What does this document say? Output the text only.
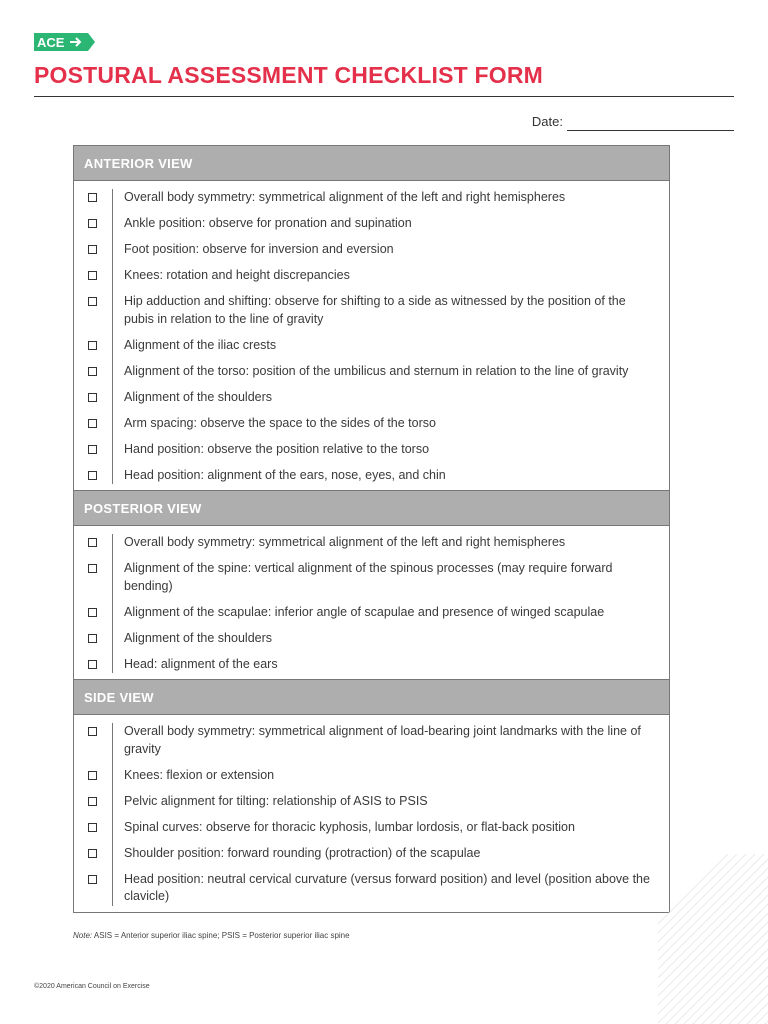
ACE
POSTURAL ASSESSMENT CHECKLIST FORM
Date:
ANTERIOR VIEW
Overall body symmetry: symmetrical alignment of the left and right hemispheres
Ankle position: observe for pronation and supination
Foot position: observe for inversion and eversion
Knees: rotation and height discrepancies
Hip adduction and shifting: observe for shifting to a side as witnessed by the position of the pubis in relation to the line of gravity
Alignment of the iliac crests
Alignment of the torso: position of the umbilicus and sternum in relation to the line of gravity
Alignment of the shoulders
Arm spacing: observe the space to the sides of the torso
Hand position: observe the position relative to the torso
Head position: alignment of the ears, nose, eyes, and chin
POSTERIOR VIEW
Overall body symmetry: symmetrical alignment of the left and right hemispheres
Alignment of the spine: vertical alignment of the spinous processes (may require forward bending)
Alignment of the scapulae: inferior angle of scapulae and presence of winged scapulae
Alignment of the shoulders
Head: alignment of the ears
SIDE VIEW
Overall body symmetry: symmetrical alignment of load-bearing joint landmarks with the line of gravity
Knees: flexion or extension
Pelvic alignment for tilting: relationship of ASIS to PSIS
Spinal curves: observe for thoracic kyphosis, lumbar lordosis, or flat-back position
Shoulder position: forward rounding (protraction) of the scapulae
Head position: neutral cervical curvature (versus forward position) and level (position above the clavicle)
Note: ASIS = Anterior superior iliac spine; PSIS = Posterior superior iliac spine
©2020 American Council on Exercise
